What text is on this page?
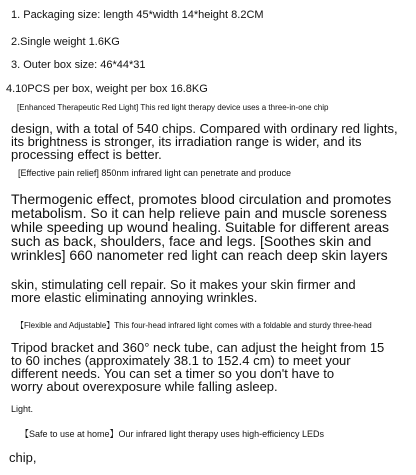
1. Packaging size: length 45*width 14*height 8.2CM

2.Single weight 1.6KG

3. Outer box size: 46*44*31

4.10PCS per box, weight per box 16.8KG

[Enhanced Therapeutic Red Light] This red light therapy device uses a three-in-one chip

design, with a total of 540 chips. Compared with ordinary red lights,
its brightness is stronger, its irradiation range is wider, and its
processing effect is better.

[Effective pain relief] 850nm infrared light can penetrate and produce

Thermogenic effect, promotes blood circulation and promotes
metabolism. So it can help relieve pain and muscle soreness
while speeding up wound healing. Suitable for different areas
such as back, shoulders, face and legs. [Soothes skin and
wrinkles] 660 nanometer red light can reach deep skin layers

skin, stimulating cell repair. So it makes your skin firmer and
more elastic eliminating annoying wrinkles.

【Flexible and Adjustable】This four-head infrared light comes with a foldable and sturdy three-head

Tripod bracket and 360° neck tube, can adjust the height from 15
to 60 inches (approximately 38.1 to 152.4 cm) to meet your
different needs. You can set a timer so you don't have to
worry about overexposure while falling asleep.

Light.

【Safe to use at home】Our infrared light therapy uses high-efficiency LEDs

chip,
